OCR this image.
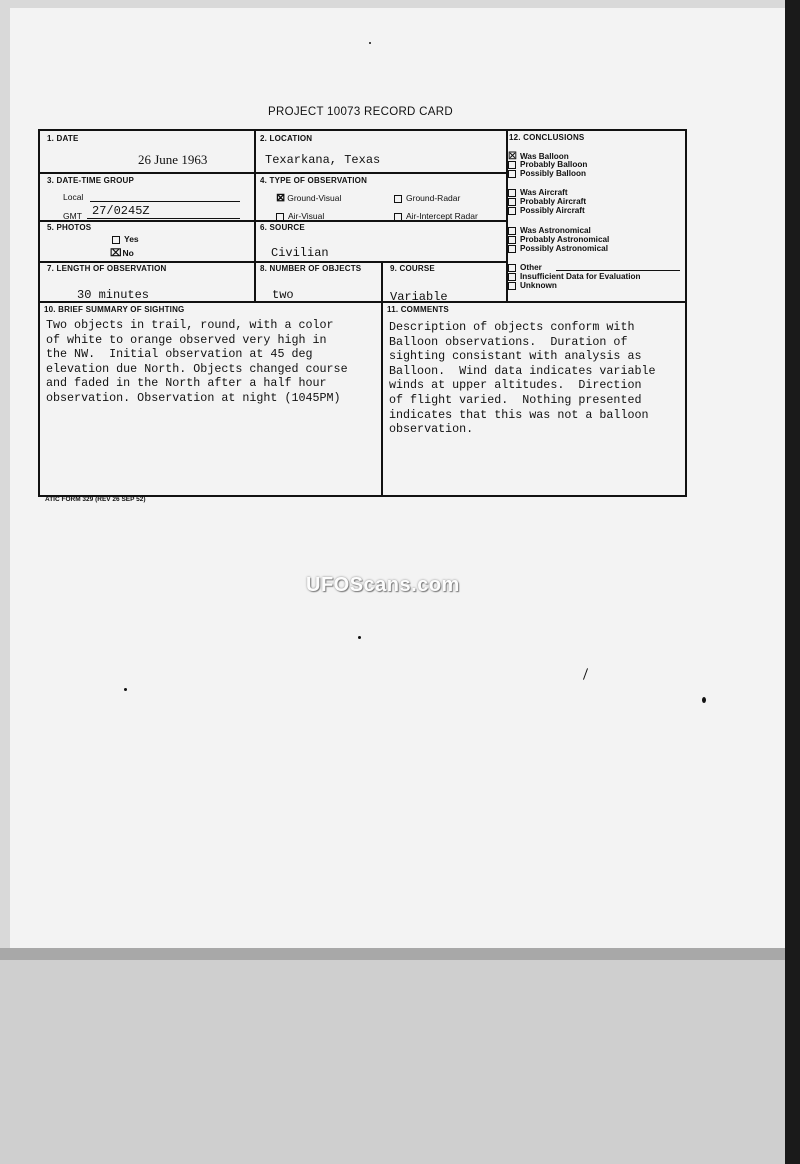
PROJECT 10073 RECORD CARD
1. DATE
26 June 1963
2. LOCATION
Texarkana, Texas
3. DATE-TIME GROUP
Local
GMT 27/0245Z
4. TYPE OF OBSERVATION
⊠ Ground-Visual	Ground-Radar
Air-Visual	Air-Intercept Radar
5. PHOTOS
Yes
⌧No
6. SOURCE
Civilian
7. LENGTH OF OBSERVATION
30 minutes
8. NUMBER OF OBJECTS
two
9. COURSE
Variable
10. BRIEF SUMMARY OF SIGHTING
Two objects in trail, round, with a color
of white to orange observed very high in
the NW.  Initial observation at 45 deg
elevation due North. Objects changed course
and faded in the North after a half hour
observation. Observation at night (1045PM)
11. COMMENTS
Description of objects conform with
Balloon observations.  Duration of
sighting consistant with analysis as
Balloon.  Wind data indicates variable
winds at upper altitudes.  Direction
of flight varied.  Nothing presented
indicates that this was not a balloon
observation.
12. CONCLUSIONS
☒ Was Balloon
Probably Balloon
Possibly Balloon
Was Aircraft
Probably Aircraft
Possibly Aircraft
Was Astronomical
Probably Astronomical
Possibly Astronomical
Other
Insufficient Data for Evaluation
Unknown
ATIC FORM 329 (REV 26 SEP 52)
UFOScans.com
